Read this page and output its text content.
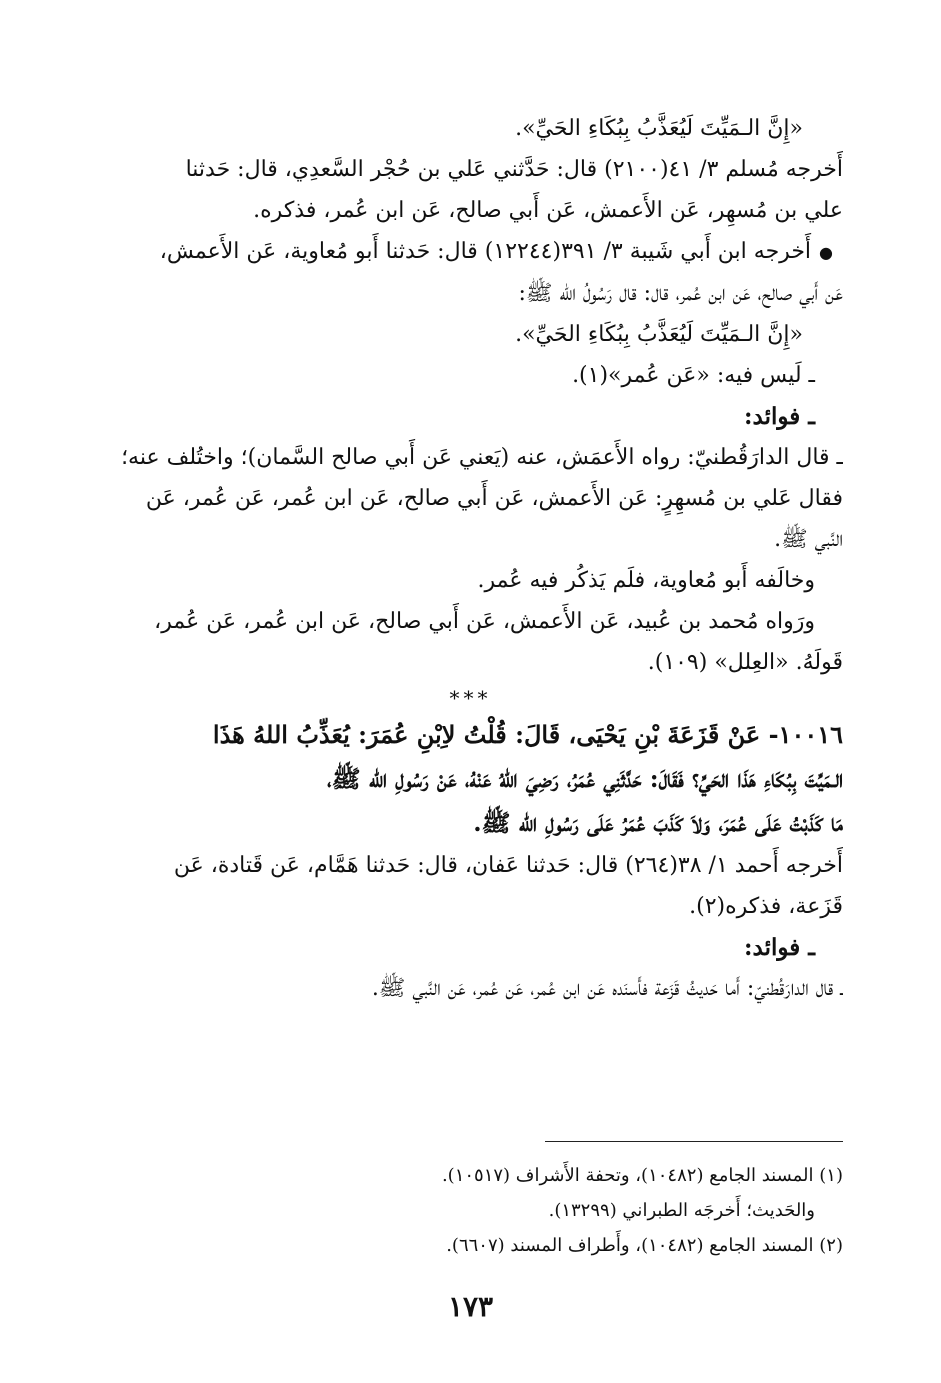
«إِنَّ الـمَيِّتَ لَيُعَذَّبُ بِبُكَاءِ الحَيِّ».
أَخرجه مُسلم ٣/ ٤١(٢١٠٠) قال: حَدَّثني عَلي بن حُجْر السَّعدِي، قال: حَدثنا
علي بن مُسهِر، عَن الأَعمش، عَن أَبي صالح، عَن ابن عُمر، فذكره.
●أَخرجه ابن أَبي شَيبة ٣/ ٣٩١(١٢٢٤٤) قال: حَدثنا أَبو مُعاوية، عَن الأَعمش،
عَن أَبي صالح، عَن ابن عُمر، قال: قال رَسُولُ الله ﷺ:
«إِنَّ الـمَيِّتَ لَيُعَذَّبُ بِبُكَاءِ الحَيِّ».
ـ لَيس فيه: «عَن عُمر»(١).
ـ فوائد:
ـ قال الدارَقُطنيّ: رواه الأَعمَش، عنه (يَعني عَن أَبي صالح السَّمان)؛ واختُلف عنه؛
فقال عَلي بن مُسهِرٍ: عَن الأَعمش، عَن أَبي صالح، عَن ابن عُمر، عَن عُمر، عَن
النَّبي ﷺ.
وخالَفه أَبو مُعاوية، فلَم يَذكُر فيه عُمر.
ورَواه مُحمد بن عُبيد، عَن الأَعمش، عَن أَبي صالح، عَن ابن عُمر، عَن عُمر،
قَولَهُ. «العِلل» (١٠٩).
***
١٠٠١٦- عَنْ قَزَعَةَ بْنِ يَحْيَى، قَالَ: قُلْتُ لاِبْنِ عُمَرَ: يُعَذِّبُ اللهُ هَذَا
الـمَيِّتَ بِبُكَاءِ هَذَا الحَيِّ؟ فَقَالَ: حَدَّثَنِي عُمَرُ، رَضِيَ اللهُ عَنْهُ، عَنْ رَسُولِ الله ﷺ،
مَا كَذَبْتُ عَلَى عُمَرَ، وَلاَ كَذَبَ عُمَرُ عَلَى رَسُولِ الله ﷺ.
أَخرجه أَحمد ١/ ٣٨(٢٦٤) قال: حَدثنا عَفان، قال: حَدثنا هَمَّام، عَن قَتادة، عَن
قَزَعة، فذكره(٢).
ـ فوائد:
ـ قال الدارَقُطنيّ: أَما حَديثُ قَزَعة فأَسنَده عَن ابن عُمر، عَن عُمر، عَن النَّبي ﷺ.
(١) المسند الجامع (١٠٤٨٢)، وتحفة الأَشراف (١٠٥١٧).
والحَديث؛ أَخرجَه الطبراني (١٣٢٩٩).
(٢) المسند الجامع (١٠٤٨٢)، وأَطراف المسند (٦٦٠٧).
١٧٣
